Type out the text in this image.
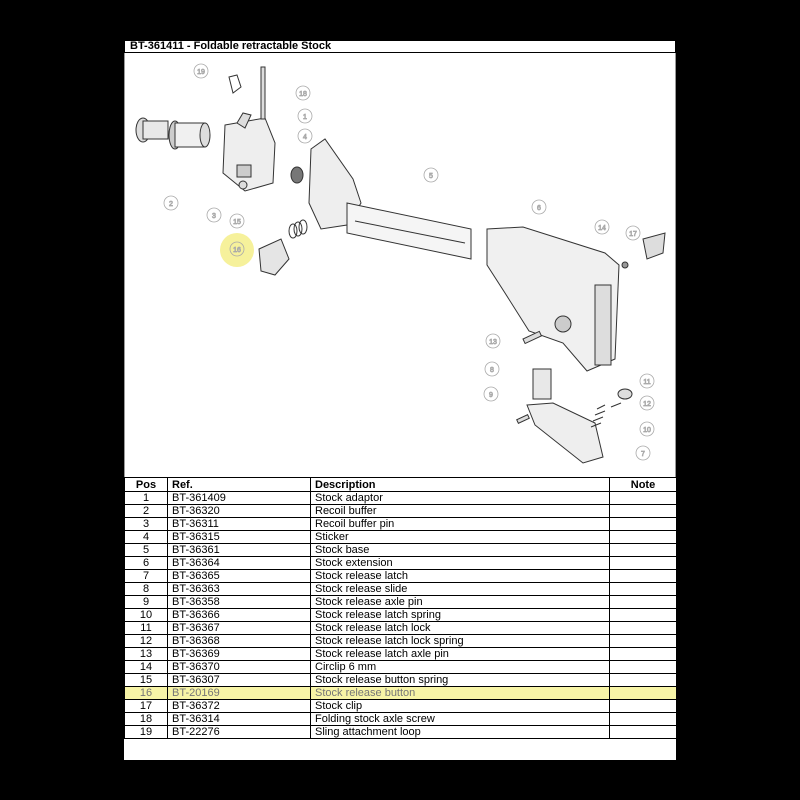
BT-361411 - Foldable retractable Stock
1
2
3
4
5
6
7
8
9
10
11
12
13
14
15
16
17
18
19
Pos	Ref.	Description	Note
1	BT-361409	Stock adaptor	
2	BT-36320	Recoil buffer	
3	BT-36311	Recoil buffer pin	
4	BT-36315	Sticker	
5	BT-36361	Stock base	
6	BT-36364	Stock extension	
7	BT-36365	Stock release latch	
8	BT-36363	Stock release slide	
9	BT-36358	Stock release axle pin	
10	BT-36366	Stock release latch spring	
11	BT-36367	Stock release latch lock	
12	BT-36368	Stock release latch lock spring	
13	BT-36369	Stock release latch axle pin	
14	BT-36370	Circlip 6 mm	
15	BT-36307	Stock release button spring	
16	BT-20169	Stock release button	
17	BT-36372	Stock clip	
18	BT-36314	Folding stock axle screw	
19	BT-22276	Sling attachment loop	
